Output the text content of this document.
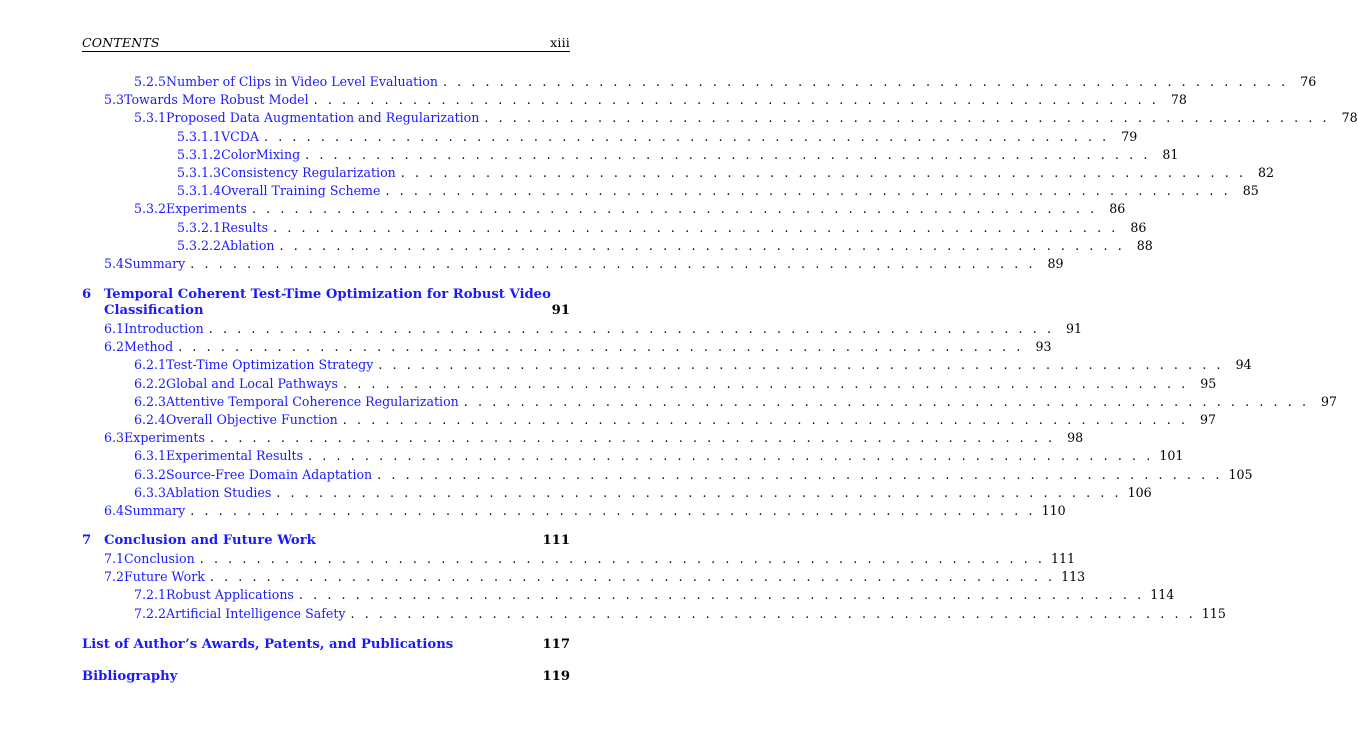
CONTENTS	xiii
5.2.5 Number of Clips in Video Level Evaluation . . . . . . . . . . . . . . . . . . . . . . . . . . . . . . . . . . . . . . . . . . . . . . . . . . . . . . . . . . . . 76
5.3 Towards More Robust Model . . . . . . . . . . . . . . . . . . . . . . . . . . . . . . . . . . . . . . . . . . . . . . . . . . . . . . . . . . . . 78
5.3.1 Proposed Data Augmentation and Regularization . . . . . . . . . . . . . . . . . . . . . . . . . . . . . . . . . . . . . . . . . . . . . . . . . . . . . . . . . . . . 78
5.3.1.1 VCDA . . . . . . . . . . . . . . . . . . . . . . . . . . . . . . . . . . . . . . . . . . . . . . . . . . . . . . . . . . . . 79
5.3.1.2 ColorMixing . . . . . . . . . . . . . . . . . . . . . . . . . . . . . . . . . . . . . . . . . . . . . . . . . . . . . . . . . . . . 81
5.3.1.3 Consistency Regularization . . . . . . . . . . . . . . . . . . . . . . . . . . . . . . . . . . . . . . . . . . . . . . . . . . . . . . . . . . . . 82
5.3.1.4 Overall Training Scheme . . . . . . . . . . . . . . . . . . . . . . . . . . . . . . . . . . . . . . . . . . . . . . . . . . . . . . . . . . . . 85
5.3.2 Experiments . . . . . . . . . . . . . . . . . . . . . . . . . . . . . . . . . . . . . . . . . . . . . . . . . . . . . . . . . . . . 86
5.3.2.1 Results . . . . . . . . . . . . . . . . . . . . . . . . . . . . . . . . . . . . . . . . . . . . . . . . . . . . . . . . . . . . 86
5.3.2.2 Ablation . . . . . . . . . . . . . . . . . . . . . . . . . . . . . . . . . . . . . . . . . . . . . . . . . . . . . . . . . . . . 88
5.4 Summary . . . . . . . . . . . . . . . . . . . . . . . . . . . . . . . . . . . . . . . . . . . . . . . . . . . . . . . . . . . . 89
6 Temporal Coherent Test-Time Optimization for Robust Video
Classification	91
6.1 Introduction . . . . . . . . . . . . . . . . . . . . . . . . . . . . . . . . . . . . . . . . . . . . . . . . . . . . . . . . . . . . 91
6.2 Method . . . . . . . . . . . . . . . . . . . . . . . . . . . . . . . . . . . . . . . . . . . . . . . . . . . . . . . . . . . . 93
6.2.1 Test-Time Optimization Strategy . . . . . . . . . . . . . . . . . . . . . . . . . . . . . . . . . . . . . . . . . . . . . . . . . . . . . . . . . . . . 94
6.2.2 Global and Local Pathways . . . . . . . . . . . . . . . . . . . . . . . . . . . . . . . . . . . . . . . . . . . . . . . . . . . . . . . . . . . . 95
6.2.3 Attentive Temporal Coherence Regularization . . . . . . . . . . . . . . . . . . . . . . . . . . . . . . . . . . . . . . . . . . . . . . . . . . . . . . . . . . . . 97
6.2.4 Overall Objective Function . . . . . . . . . . . . . . . . . . . . . . . . . . . . . . . . . . . . . . . . . . . . . . . . . . . . . . . . . . . . 97
6.3 Experiments . . . . . . . . . . . . . . . . . . . . . . . . . . . . . . . . . . . . . . . . . . . . . . . . . . . . . . . . . . . . 98
6.3.1 Experimental Results . . . . . . . . . . . . . . . . . . . . . . . . . . . . . . . . . . . . . . . . . . . . . . . . . . . . . . . . . . . . 101
6.3.2 Source-Free Domain Adaptation . . . . . . . . . . . . . . . . . . . . . . . . . . . . . . . . . . . . . . . . . . . . . . . . . . . . . . . . . . . . 105
6.3.3 Ablation Studies . . . . . . . . . . . . . . . . . . . . . . . . . . . . . . . . . . . . . . . . . . . . . . . . . . . . . . . . . . . . 106
6.4 Summary . . . . . . . . . . . . . . . . . . . . . . . . . . . . . . . . . . . . . . . . . . . . . . . . . . . . . . . . . . . . 110
7 Conclusion and Future Work	111
7.1 Conclusion . . . . . . . . . . . . . . . . . . . . . . . . . . . . . . . . . . . . . . . . . . . . . . . . . . . . . . . . . . . . 111
7.2 Future Work . . . . . . . . . . . . . . . . . . . . . . . . . . . . . . . . . . . . . . . . . . . . . . . . . . . . . . . . . . . . 113
7.2.1 Robust Applications . . . . . . . . . . . . . . . . . . . . . . . . . . . . . . . . . . . . . . . . . . . . . . . . . . . . . . . . . . . . 114
7.2.2 Artificial Intelligence Safety . . . . . . . . . . . . . . . . . . . . . . . . . . . . . . . . . . . . . . . . . . . . . . . . . . . . . . . . . . . . 115
List of Author’s Awards, Patents, and Publications	117
Bibliography	119
